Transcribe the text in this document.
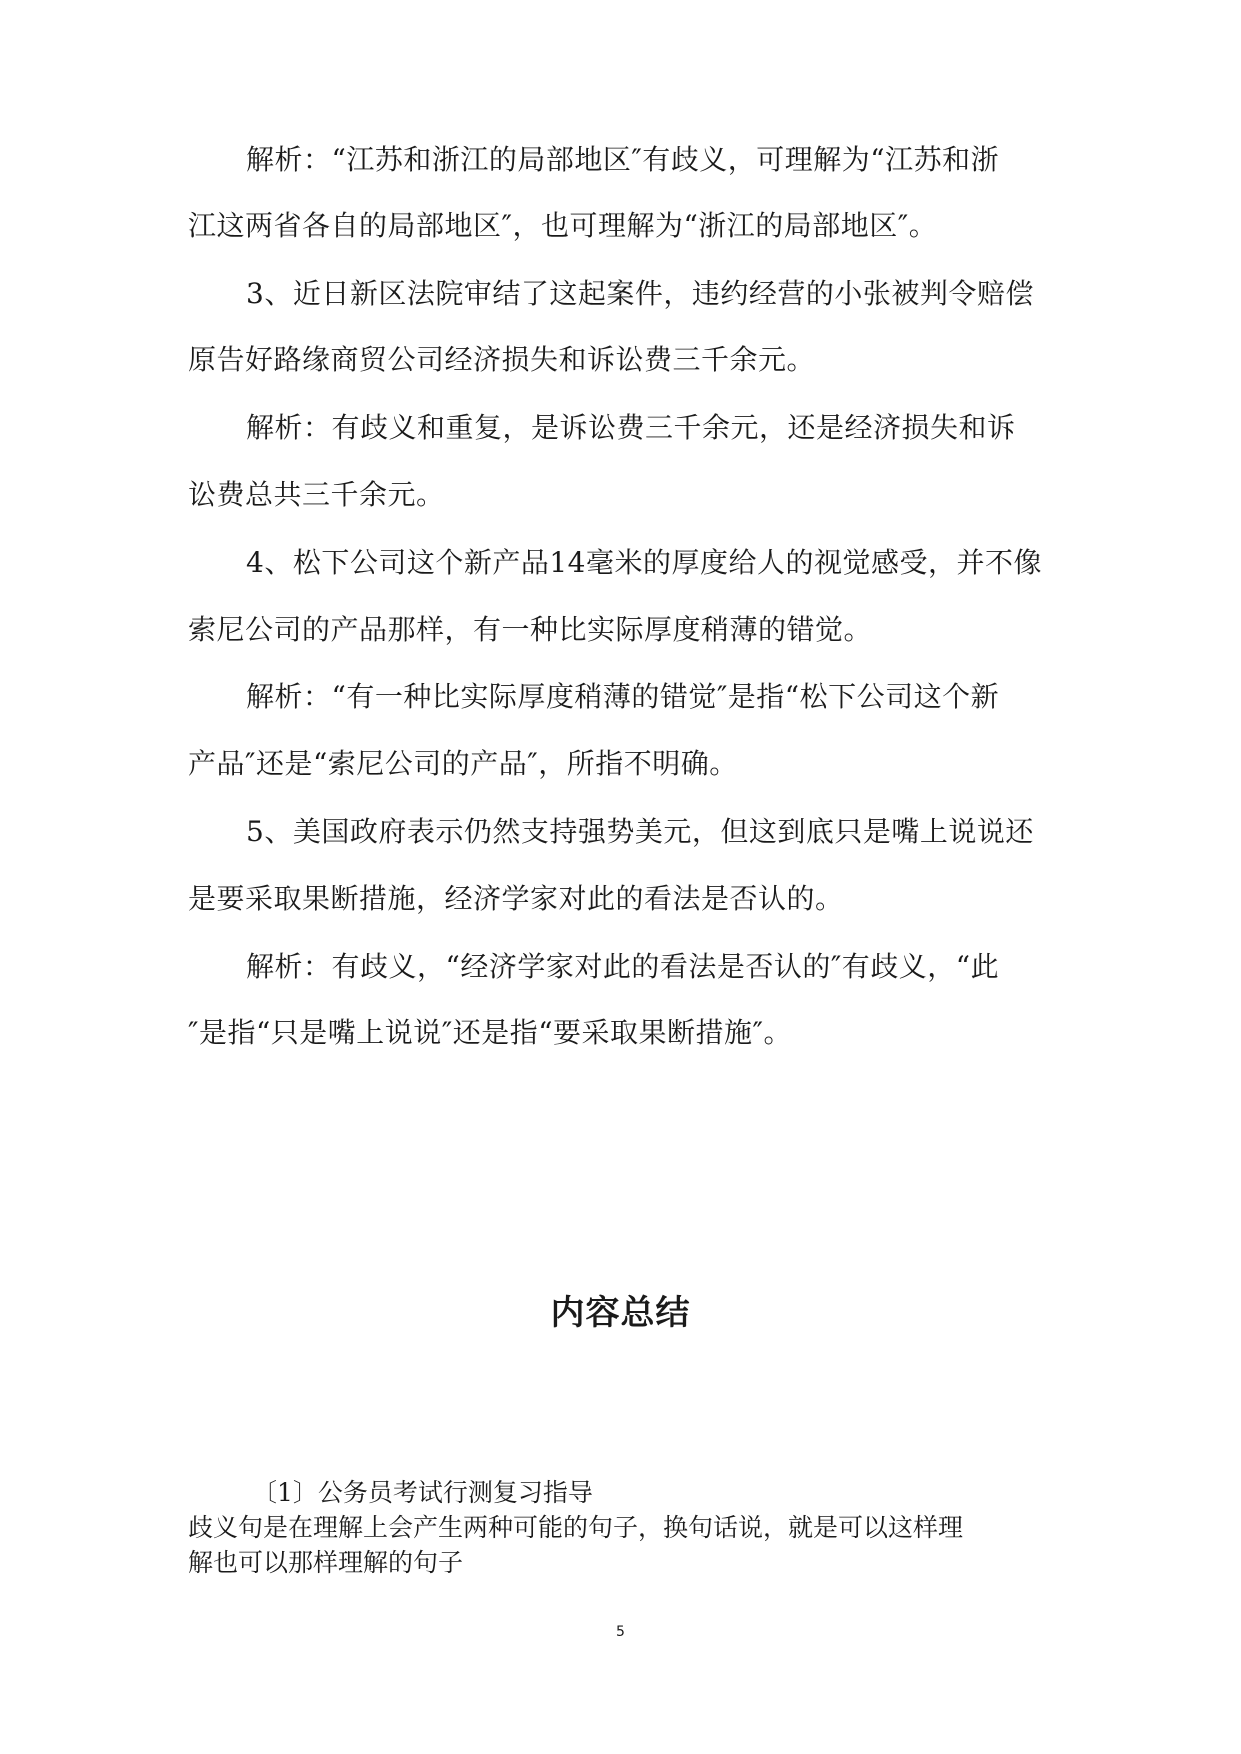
解析：“江苏和浙江的局部地区″有歧义，可理解为“江苏和浙
江这两省各自的局部地区″，也可理解为“浙江的局部地区″。
3、近日新区法院审结了这起案件，违约经营的小张被判令赔偿
原告好路缘商贸公司经济损失和诉讼费三千余元。
解析：有歧义和重复，是诉讼费三千余元，还是经济损失和诉
讼费总共三千余元。
4、松下公司这个新产品14毫米的厚度给人的视觉感受，并不像
索尼公司的产品那样，有一种比实际厚度稍薄的错觉。
解析：“有一种比实际厚度稍薄的错觉″是指“松下公司这个新
产品″还是“索尼公司的产品″，所指不明确。
5、美国政府表示仍然支持强势美元，但这到底只是嘴上说说还
是要采取果断措施，经济学家对此的看法是否认的。
解析：有歧义，“经济学家对此的看法是否认的″有歧义，“此
″是指“只是嘴上说说″还是指“要采取果断措施″。
内容总结
〔1〕公务员考试行测复习指导
歧义句是在理解上会产生两种可能的句子，换句话说，就是可以这样理
解也可以那样理解的句子
5
